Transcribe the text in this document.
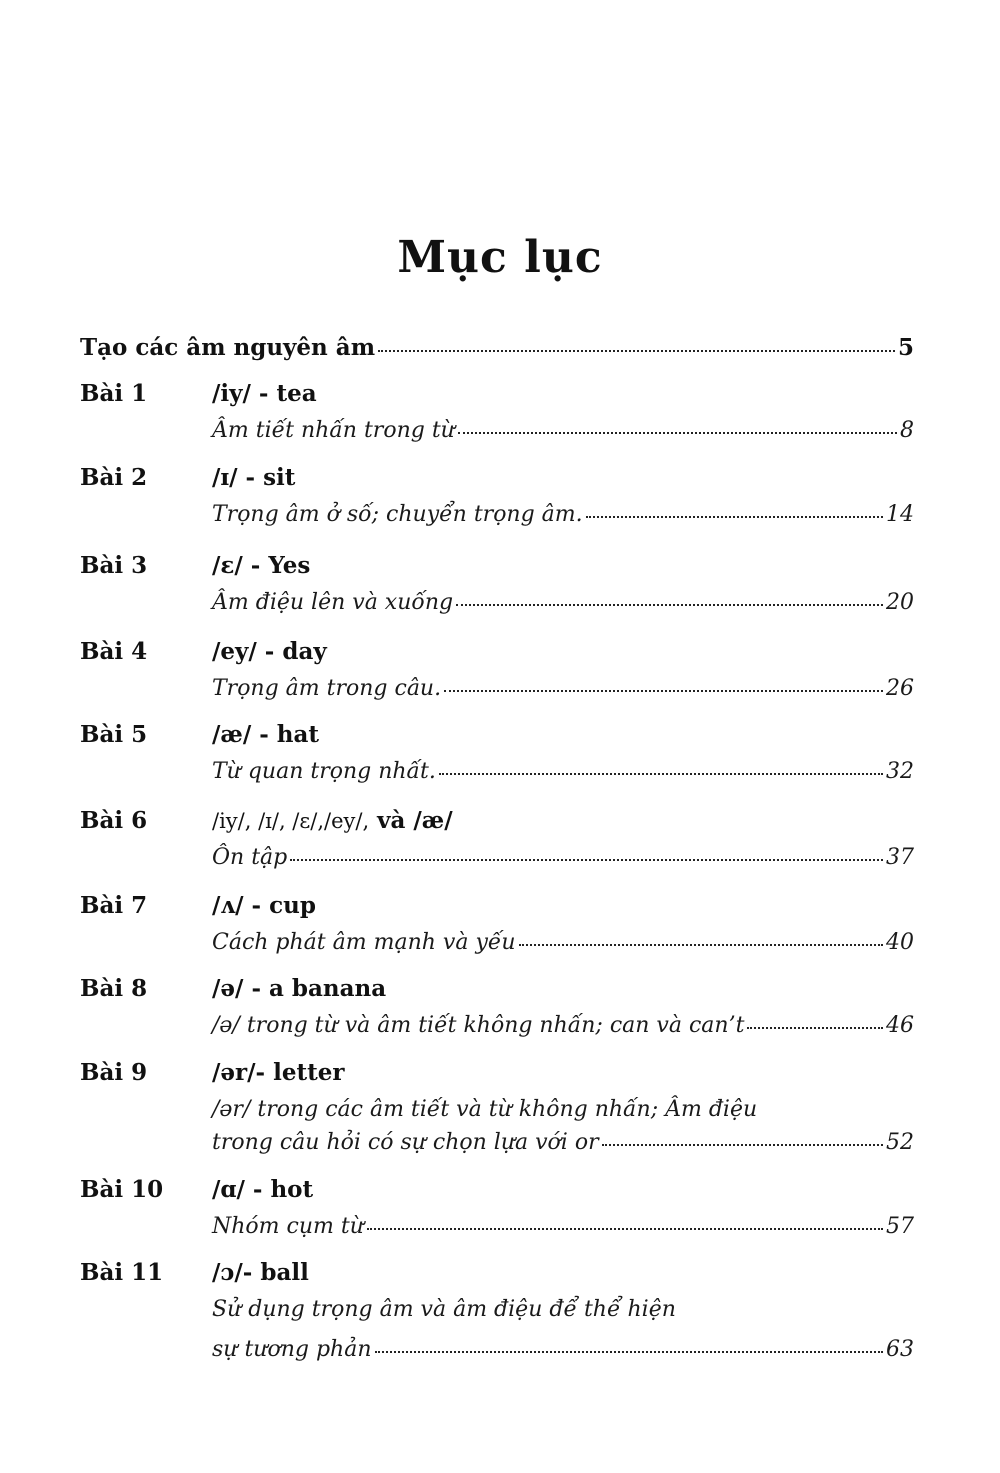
Mục lục
Tạo các âm nguyên âm	5
Bài 1	/iy/ - tea
Âm tiết nhấn trong từ	8
Bài 2	/ɪ/ - sit
Trọng âm ở số; chuyển trọng âm.	14
Bài 3	/ɛ/ - Yes
Âm điệu lên và xuống	20
Bài 4	/ey/ - day
Trọng âm trong câu.	26
Bài 5	/æ/ - hat
Từ quan trọng nhất.	32
Bài 6	/iy/, /ɪ/, /ɛ/,/ey/, và /æ/
Ôn tập	37
Bài 7	/ʌ/ - cup
Cách phát âm mạnh và yếu	40
Bài 8	/ə/ - a banana
/ə/ trong từ và âm tiết không nhấn; can và can’t	46
Bài 9	/ər/- letter
/ər/ trong các âm tiết và từ không nhấn; Âm điệu
trong câu hỏi có sự chọn lựa với or	52
Bài 10 /ɑ/ - hot
Nhóm cụm từ	57
Bài 11 /ɔ/- ball
Sử dụng trọng âm và âm điệu để thể hiện
sự tương phản	63
